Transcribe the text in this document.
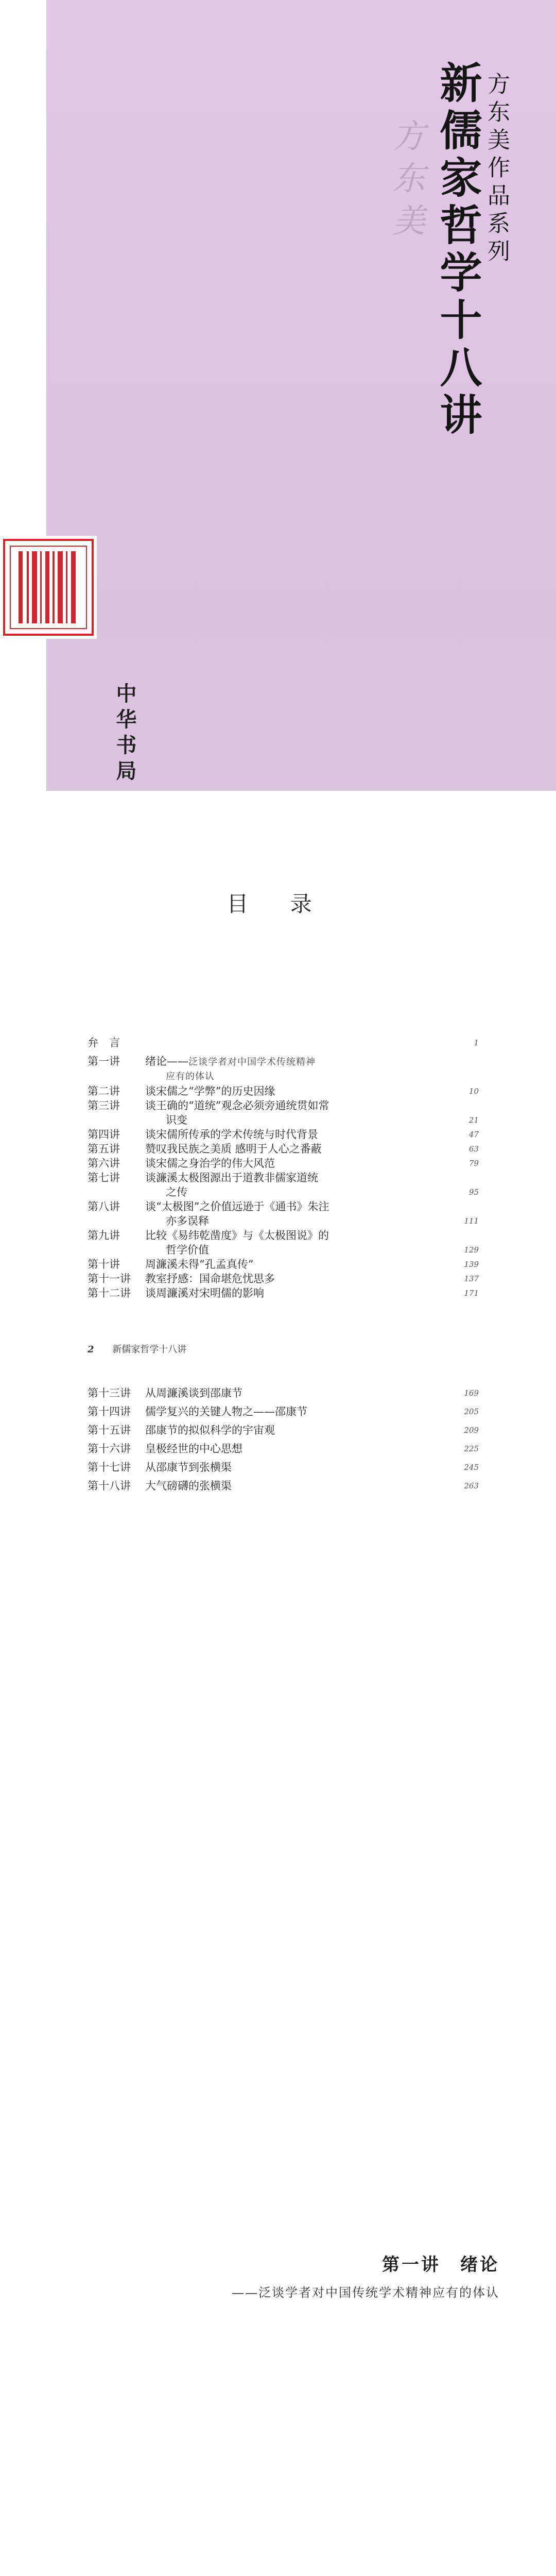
方东美作品系列
新儒家哲学十八讲
方东美
中华书局
目 录
弁　言	1
第一讲 绪论——泛谈学者对中国学术传统精神
应有的体认
第二讲 谈宋儒之“学弊”的历史因缘	10
第三讲 谈王确的“道统”观念必须旁通统贯如常
识变	21
第四讲 谈宋儒所传承的学术传统与时代背景	47
第五讲 赞叹我民族之美质 感明于人心之番蔽	63
第六讲 谈宋儒之身治学的伟大风范	79
第七讲 谈濂溪太极图源出于道教非儒家道统
之传	95
第八讲 谈“太极图”之价值远逊于《通书》朱注
亦多误释	111
第九讲 比较《易纬乾凿度》与《太极图说》的
哲学价值	129
第十讲 周濂溪未得“孔孟真传”	139
第十一讲 教室抒感：国命堪危忧思多	137
第十二讲 谈周濂溪对宋明儒的影响	171
2 新儒家哲学十八讲
第十三讲 从周濂溪谈到邵康节	169
第十四讲 儒学复兴的关键人物之——邵康节	205
第十五讲 邵康节的拟似科学的宇宙观	209
第十六讲 皇极经世的中心思想	225
第十七讲 从邵康节到张横渠	245
第十八讲 大气磅礴的张横渠	263
第一讲　绪论
——泛谈学者对中国传统学术精神应有的体认
